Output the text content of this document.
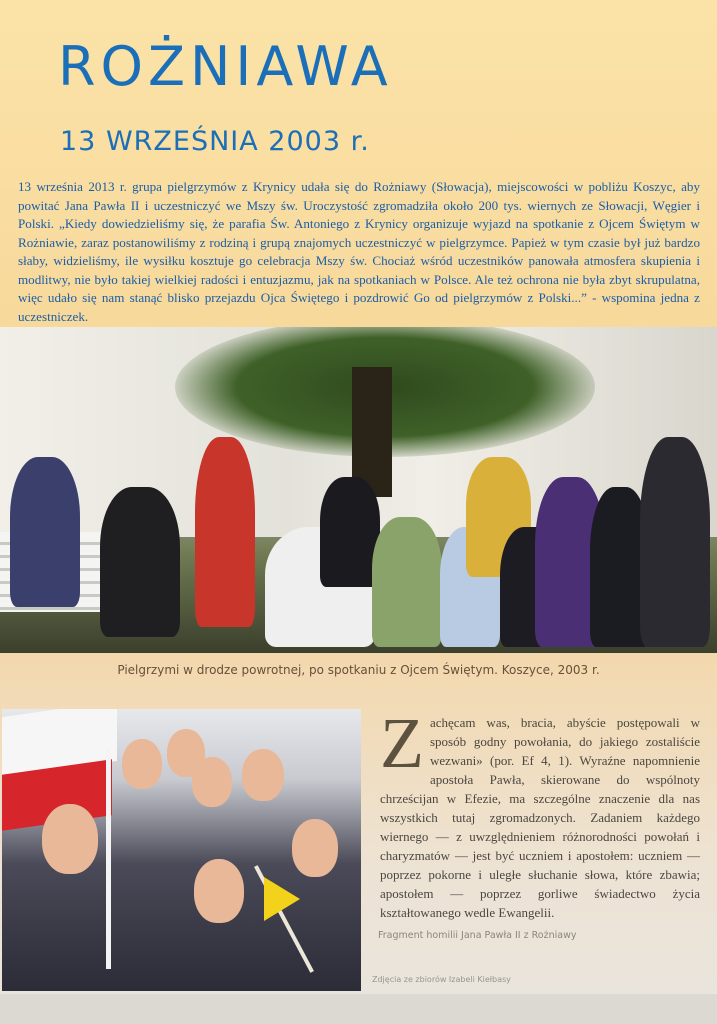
ROŻNIAWA
13 WRZEŚNIA 2003 r.

13 września 2013 r. grupa pielgrzymów z Krynicy udała się do Rożniawy (Słowacja), miejscowości w pobliżu Koszyc, aby powitać Jana Pawła II i uczestniczyć we Mszy św. Uroczystość zgromadziła około 200 tys. wiernych ze Słowacji, Węgier i Polski. „Kiedy dowiedzieliśmy się, że parafia Św. Antoniego z Krynicy organizuje wyjazd na spotkanie z Ojcem Świętym w Rożniawie, zaraz postanowiliśmy z rodziną i grupą znajomych uczestniczyć w pielgrzymce. Papież w tym czasie był już bardzo słaby, widzieliśmy, ile wysiłku kosztuje go celebracja Mszy św. Chociaż wśród uczestników panowała atmosfera skupienia i modlitwy, nie było takiej wielkiej radości i entuzjazmu, jak na spotkaniach w Polsce. Ale też ochrona nie była zbyt skrupulatna, więc udało się nam stanąć blisko przejazdu Ojca Świętego i pozdrowić Go od pielgrzymów z Polski...” - wspomina jedna z uczestniczek.

Pielgrzymi w drodze powrotnej, po spotkaniu z Ojcem Świętym. Koszyce, 2003 r.
Z achęcam was, bracia, abyście postępowali w sposób godny powołania, do jakiego zostaliście wezwani» (por. Ef 4, 1). Wyraźne napomnienie apostoła Pawła, skierowane do wspólnoty chrześcijan w Efezie, ma szczególne znaczenie dla nas wszystkich tutaj zgromadzonych. Zadaniem każdego wiernego — z uwzględnieniem różnorodności powołań i charyzmatów — jest być uczniem i apostołem: uczniem — poprzez pokorne i uległe słuchanie słowa, które zbawia; apostołem — poprzez gorliwe świadectwo życia kształtowanego wedle Ewangelii.

Fragment homilii Jana Pawła II z Rożniawy
Zdjęcia ze zbiorów Izabeli Kiełbasy
